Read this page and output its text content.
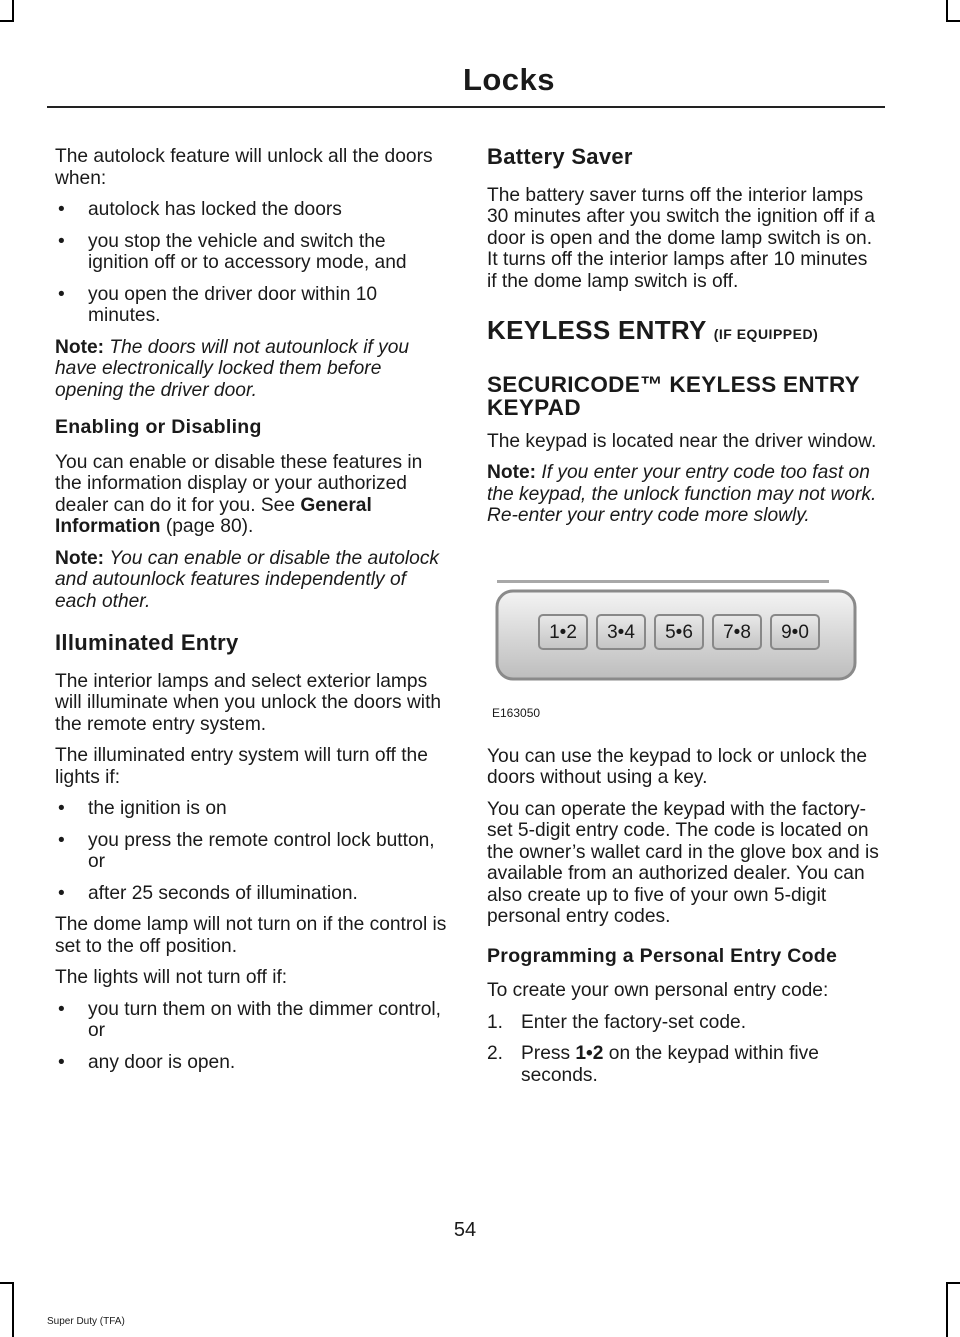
Locks

The autolock feature will unlock all the doors when:

• autolock has locked the doors
• you stop the vehicle and switch the ignition off or to accessory mode, and
• you open the driver door within 10 minutes.

Note: The doors will not autounlock if you have electronically locked them before opening the driver door.

Enabling or Disabling

You can enable or disable these features in the information display or your authorized dealer can do it for you. See General Information (page 80).

Note: You can enable or disable the autolock and autounlock features independently of each other.

Illuminated Entry

The interior lamps and select exterior lamps will illuminate when you unlock the doors with the remote entry system.

The illuminated entry system will turn off the lights if:

• the ignition is on
• you press the remote control lock button, or
• after 25 seconds of illumination.

The dome lamp will not turn on if the control is set to the off position.

The lights will not turn off if:

• you turn them on with the dimmer control, or
• any door is open.
Battery Saver

The battery saver turns off the interior lamps 30 minutes after you switch the ignition off if a door is open and the dome lamp switch is on. It turns off the interior lamps after 10 minutes if the dome lamp switch is off.

KEYLESS ENTRY (IF EQUIPPED)
SECURICODE™ KEYLESS ENTRY KEYPAD

The keypad is located near the driver window.

Note: If you enter your entry code too fast on the keypad, the unlock function may not work. Re-enter your entry code more slowly.

1•2 3•4 5•6 7•8 9•0
E163050

You can use the keypad to lock or unlock the doors without using a key.

You can operate the keypad with the factory-set 5-digit entry code. The code is located on the owner’s wallet card in the glove box and is available from an authorized dealer. You can also create up to five of your own 5-digit personal entry codes.

Programming a Personal Entry Code

To create your own personal entry code:

1. Enter the factory-set code.
2. Press 1•2 on the keypad within five seconds.
54
Super Duty (TFA)
